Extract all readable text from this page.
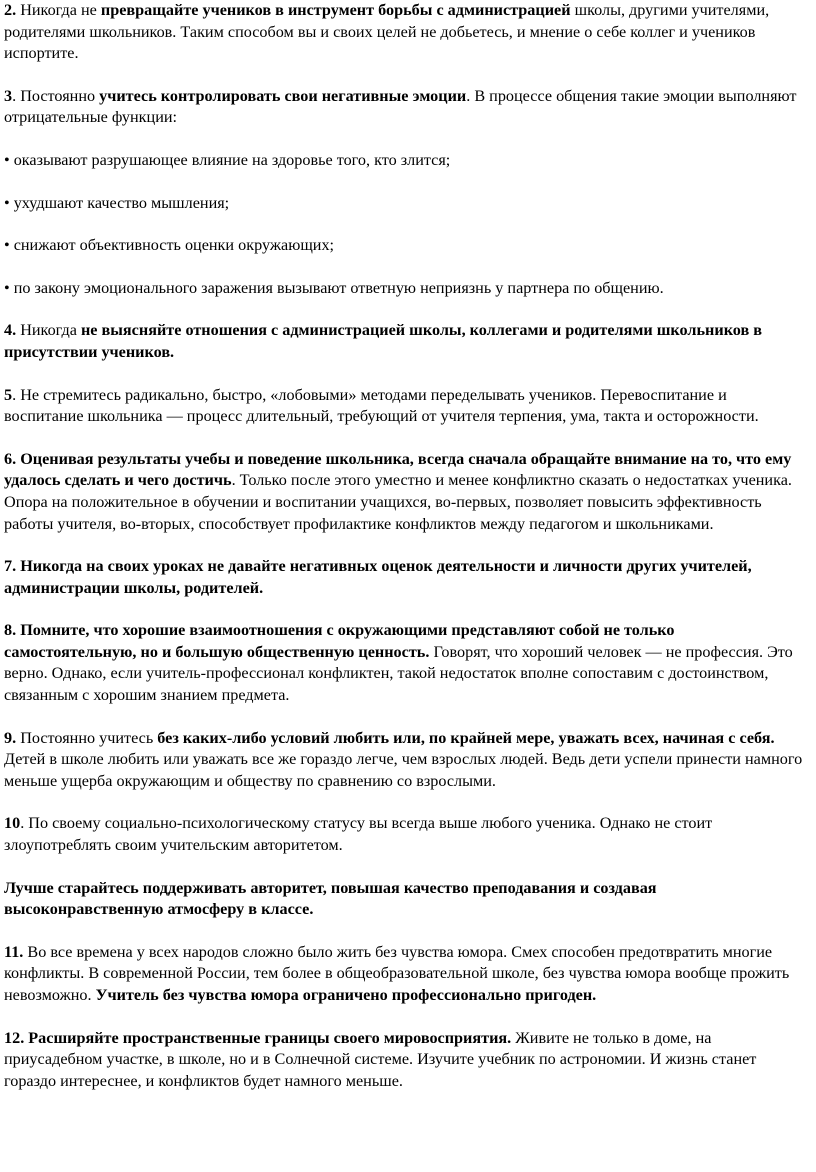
2. Никогда не превращайте учеников в инструмент борьбы с администрацией школы, другими учителями, родителями школьников. Таким способом вы и своих целей не добьетесь, и мнение о себе коллег и учеников испортите.

3. Постоянно учитесь контролировать свои негативные эмоции. В процессе общения такие эмоции выполняют отрицательные функции:

• оказывают разрушающее влияние на здоровье того, кто злится;

• ухудшают качество мышления;

• снижают объективность оценки окружающих;

• по закону эмоционального заражения вызывают ответную неприязнь у партнера по общению.

4. Никогда не выясняйте отношения с администрацией школы, коллегами и родителями школьников в присутствии учеников.

5. Не стремитесь радикально, быстро, «лобовыми» методами переделывать учеников. Перевоспитание и воспитание школьника — процесс длительный, требующий от учителя терпения, ума, такта и осторожности.

6. Оценивая результаты учебы и поведение школьника, всегда сначала обращайте внимание на то, что ему удалось сделать и чего достичь. Только после этого уместно и менее конфликтно сказать о недостатках ученика. Опора на положительное в обучении и воспитании учащихся, во-первых, позволяет повысить эффективность работы учителя, во-вторых, способствует профилактике конфликтов между педагогом и школьниками.

7. Никогда на своих уроках не давайте негативных оценок деятельности и личности других учителей, администрации школы, родителей.

8. Помните, что хорошие взаимоотношения с окружающими представляют собой не только самостоятельную, но и большую общественную ценность. Говорят, что хороший человек — не профессия. Это верно. Однако, если учитель-профессионал конфликтен, такой недостаток вполне сопоставим с достоинством, связанным с хорошим знанием предмета.

9. Постоянно учитесь без каких-либо условий любить или, по крайней мере, уважать всех, начиная с себя. Детей в школе любить или уважать все же гораздо легче, чем взрослых людей. Ведь дети успели принести намного меньше ущерба окружающим и обществу по сравнению со взрослыми.

10. По своему социально-психологическому статусу вы всегда выше любого ученика. Однако не стоит злоупотреблять своим учительским авторитетом.

Лучше старайтесь поддерживать авторитет, повышая качество преподавания и создавая высоконравственную атмосферу в классе.

11. Во все времена у всех народов сложно было жить без чувства юмора. Смех способен предотвратить многие конфликты. В современной России, тем более в общеобразовательной школе, без чувства юмора вообще прожить невозможно. Учитель без чувства юмора ограничено профессионально пригоден.

12. Расширяйте пространственные границы своего мировосприятия. Живите не только в доме, на приусадебном участке, в школе, но и в Солнечной системе. Изучите учебник по астрономии. И жизнь станет гораздо интереснее, и конфликтов будет намного меньше.
